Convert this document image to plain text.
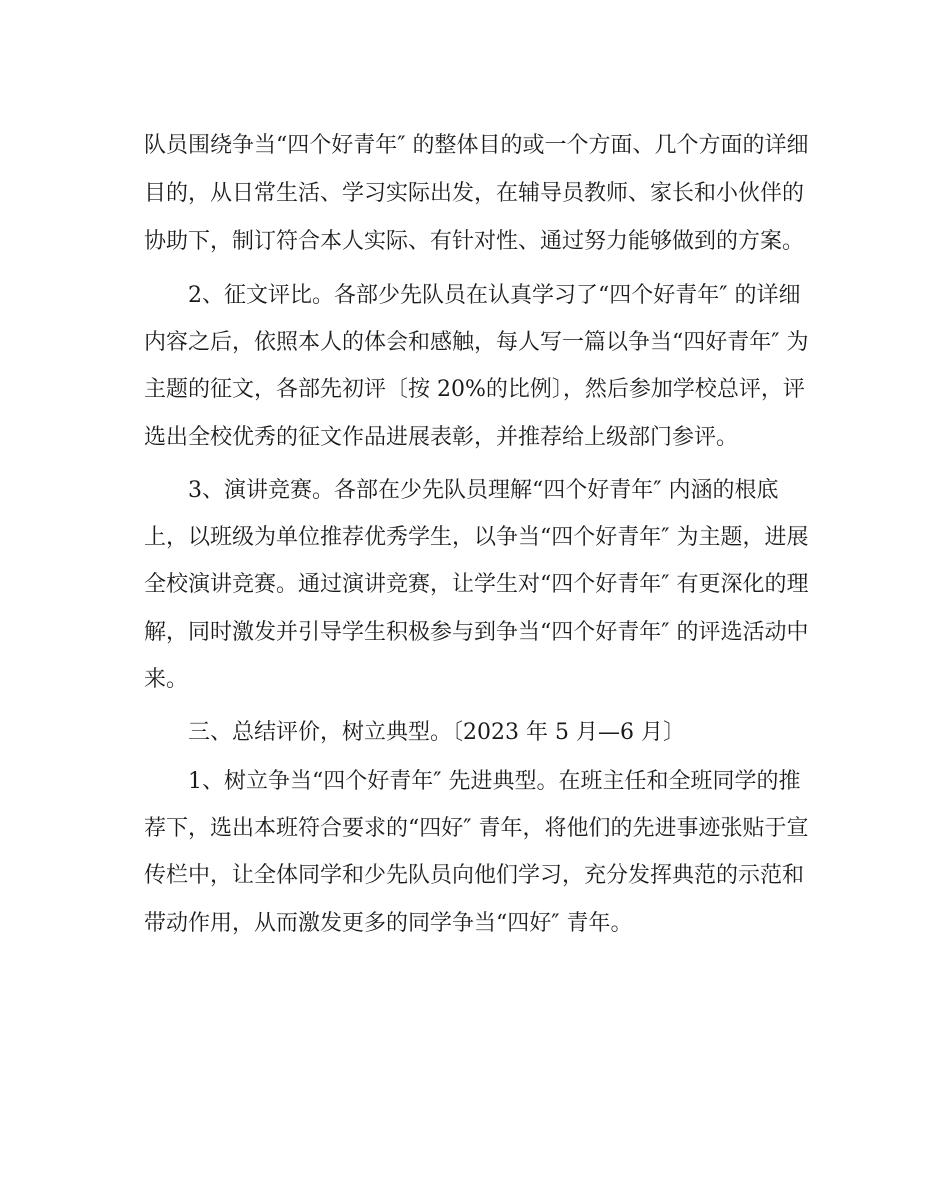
队员围绕争当“四个好青年″ 的整体目的或一个方面、几个方面的详细
目的，从日常生活、学习实际出发，在辅导员教师、家长和小伙伴的
协助下，制订符合本人实际、有针对性、通过努力能够做到的方案。
2、征文评比。各部少先队员在认真学习了“四个好青年″ 的详细
内容之后，依照本人的体会和感触，每人写一篇以争当“四好青年″ 为
主题的征文，各部先初评〔按 20%的比例〕，然后参加学校总评，评
选出全校优秀的征文作品进展表彰，并推荐给上级部门参评。
3、演讲竞赛。各部在少先队员理解“四个好青年″ 内涵的根底
上，以班级为单位推荐优秀学生，以争当“四个好青年″ 为主题，进展
全校演讲竞赛。通过演讲竞赛，让学生对“四个好青年″ 有更深化的理
解，同时激发并引导学生积极参与到争当“四个好青年″ 的评选活动中
来。
三、总结评价，树立典型。〔2023 年 5 月—6 月〕
1、树立争当“四个好青年″ 先进典型。在班主任和全班同学的推
荐下，选出本班符合要求的“四好″ 青年，将他们的先进事迹张贴于宣
传栏中，让全体同学和少先队员向他们学习，充分发挥典范的示范和
带动作用，从而激发更多的同学争当“四好″ 青年。
